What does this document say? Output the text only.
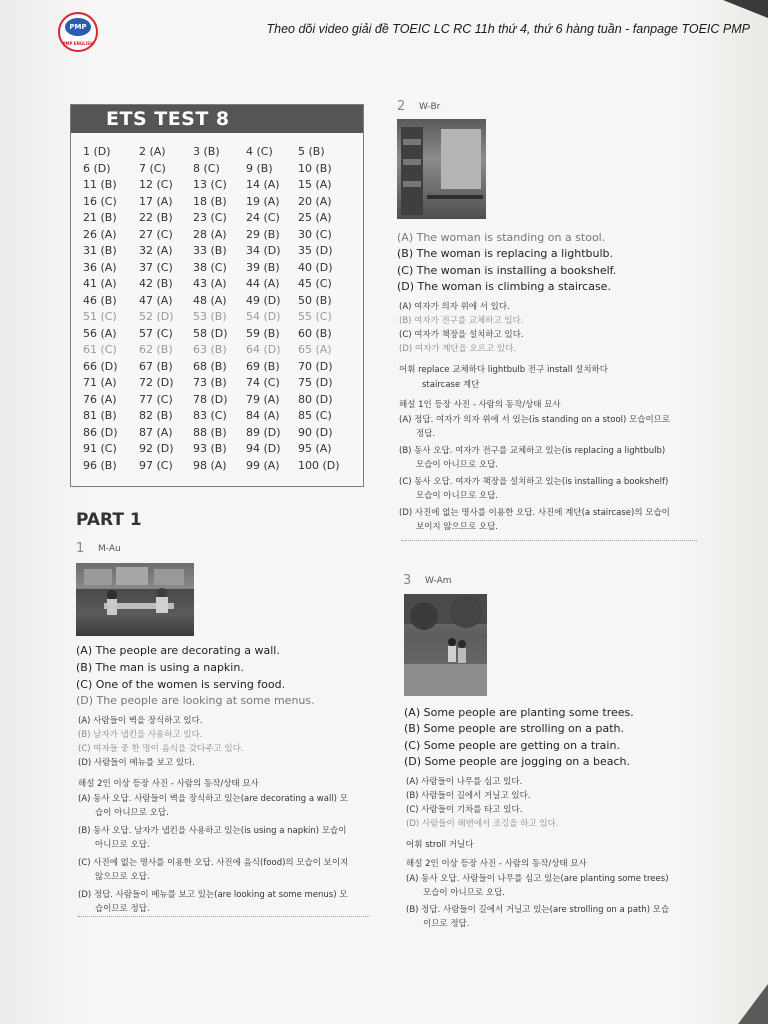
PMP
PMP ENGLISH
Theo dõi video giải đề TOEIC LC RC 11h thứ 4, thứ 6 hàng tuần - fanpage TOEIC PMP
ETS TEST 8
1 (D)	2 (A) 3 (B) 4 (C) 5 (B)
6 (D)	7 (C) 8 (C) 9 (B) 10 (B)
11 (B) 12 (C) 13 (C) 14 (A) 15 (A)
16 (C) 17 (A) 18 (B) 19 (A) 20 (A)
21 (B) 22 (B) 23 (C) 24 (C) 25 (A)
26 (A) 27 (C) 28 (A) 29 (B) 30 (C)
31 (B) 32 (A) 33 (B) 34 (D) 35 (D)
36 (A) 37 (C) 38 (C) 39 (B) 40 (D)
41 (A) 42 (B) 43 (A) 44 (A) 45 (C)
46 (B) 47 (A) 48 (A) 49 (D) 50 (B)
51 (C) 52 (D) 53 (B) 54 (D) 55 (C)
56 (A) 57 (C) 58 (D) 59 (B) 60 (B)
61 (C) 62 (B) 63 (B) 64 (D) 65 (A)
66 (D) 67 (B) 68 (B) 69 (B) 70 (D)
71 (A) 72 (D) 73 (B) 74 (C) 75 (D)
76 (A) 77 (C) 78 (D) 79 (A) 80 (D)
81 (B) 82 (B) 83 (C) 84 (A) 85 (C)
86 (D) 87 (A) 88 (B) 89 (D) 90 (D)
91 (C) 92 (D) 93 (B) 94 (D) 95 (A)
96 (B) 97 (C) 98 (A) 99 (A) 100 (D)
PART 1
1 M-Au
(A) The people are decorating a wall.
(B) The man is using a napkin.
(C) One of the women is serving food.
(D) The people are looking at some menus.
(A) 사람들이 벽을 장식하고 있다.
(B) 남자가 냅킨을 사용하고 있다.
(C) 여자들 중 한 명이 음식을 갖다주고 있다.
(D) 사람들이 메뉴를 보고 있다.
해설 2인 이상 등장 사진 - 사람의 동작/상태 묘사
(A) 동사 오답. 사람들이 벽을 장식하고 있는(are decorating a wall) 모
습이 아니므로 오답.
(B) 동사 오답. 남자가 냅킨을 사용하고 있는(is using a napkin) 모습이
아니므로 오답.
(C) 사진에 없는 명사를 이용한 오답. 사진에 음식(food)의 모습이 보이지
않으므로 오답.
(D) 정답. 사람들이 메뉴를 보고 있는(are looking at some menus) 모
습이므로 정답.
2 W-Br
(A) The woman is standing on a stool.
(B) The woman is replacing a lightbulb.
(C) The woman is installing a bookshelf.
(D) The woman is climbing a staircase.
(A) 여자가 의자 위에 서 있다.
(B) 여자가 전구를 교체하고 있다.
(C) 여자가 책장을 설치하고 있다.
(D) 여자가 계단을 오르고 있다.
어휘 replace 교체하다 lightbulb 전구 install 설치하다
staircase 계단
해설 1인 등장 사진 - 사람의 동작/상태 묘사
(A) 정답. 여자가 의자 위에 서 있는(is standing on a stool) 모습이므로
정답.
(B) 동사 오답. 여자가 전구를 교체하고 있는(is replacing a lightbulb)
모습이 아니므로 오답.
(C) 동사 오답. 여자가 책장을 설치하고 있는(is installing a bookshelf)
모습이 아니므로 오답.
(D) 사진에 없는 명사를 이용한 오답. 사진에 계단(a staircase)의 모습이
보이지 않으므로 오답.
3 W-Am
(A) Some people are planting some trees.
(B) Some people are strolling on a path.
(C) Some people are getting on a train.
(D) Some people are jogging on a beach.
(A) 사람들이 나무를 심고 있다.
(B) 사람들이 길에서 거닐고 있다.
(C) 사람들이 기차를 타고 있다.
(D) 사람들이 해변에서 조깅을 하고 있다.
어휘 stroll 거닐다
해설 2인 이상 등장 사진 - 사람의 동작/상태 묘사
(A) 동사 오답. 사람들이 나무를 심고 있는(are planting some trees)
모습이 아니므로 오답.
(B) 정답. 사람들이 길에서 거닐고 있는(are strolling on a path) 모습
이므로 정답.
